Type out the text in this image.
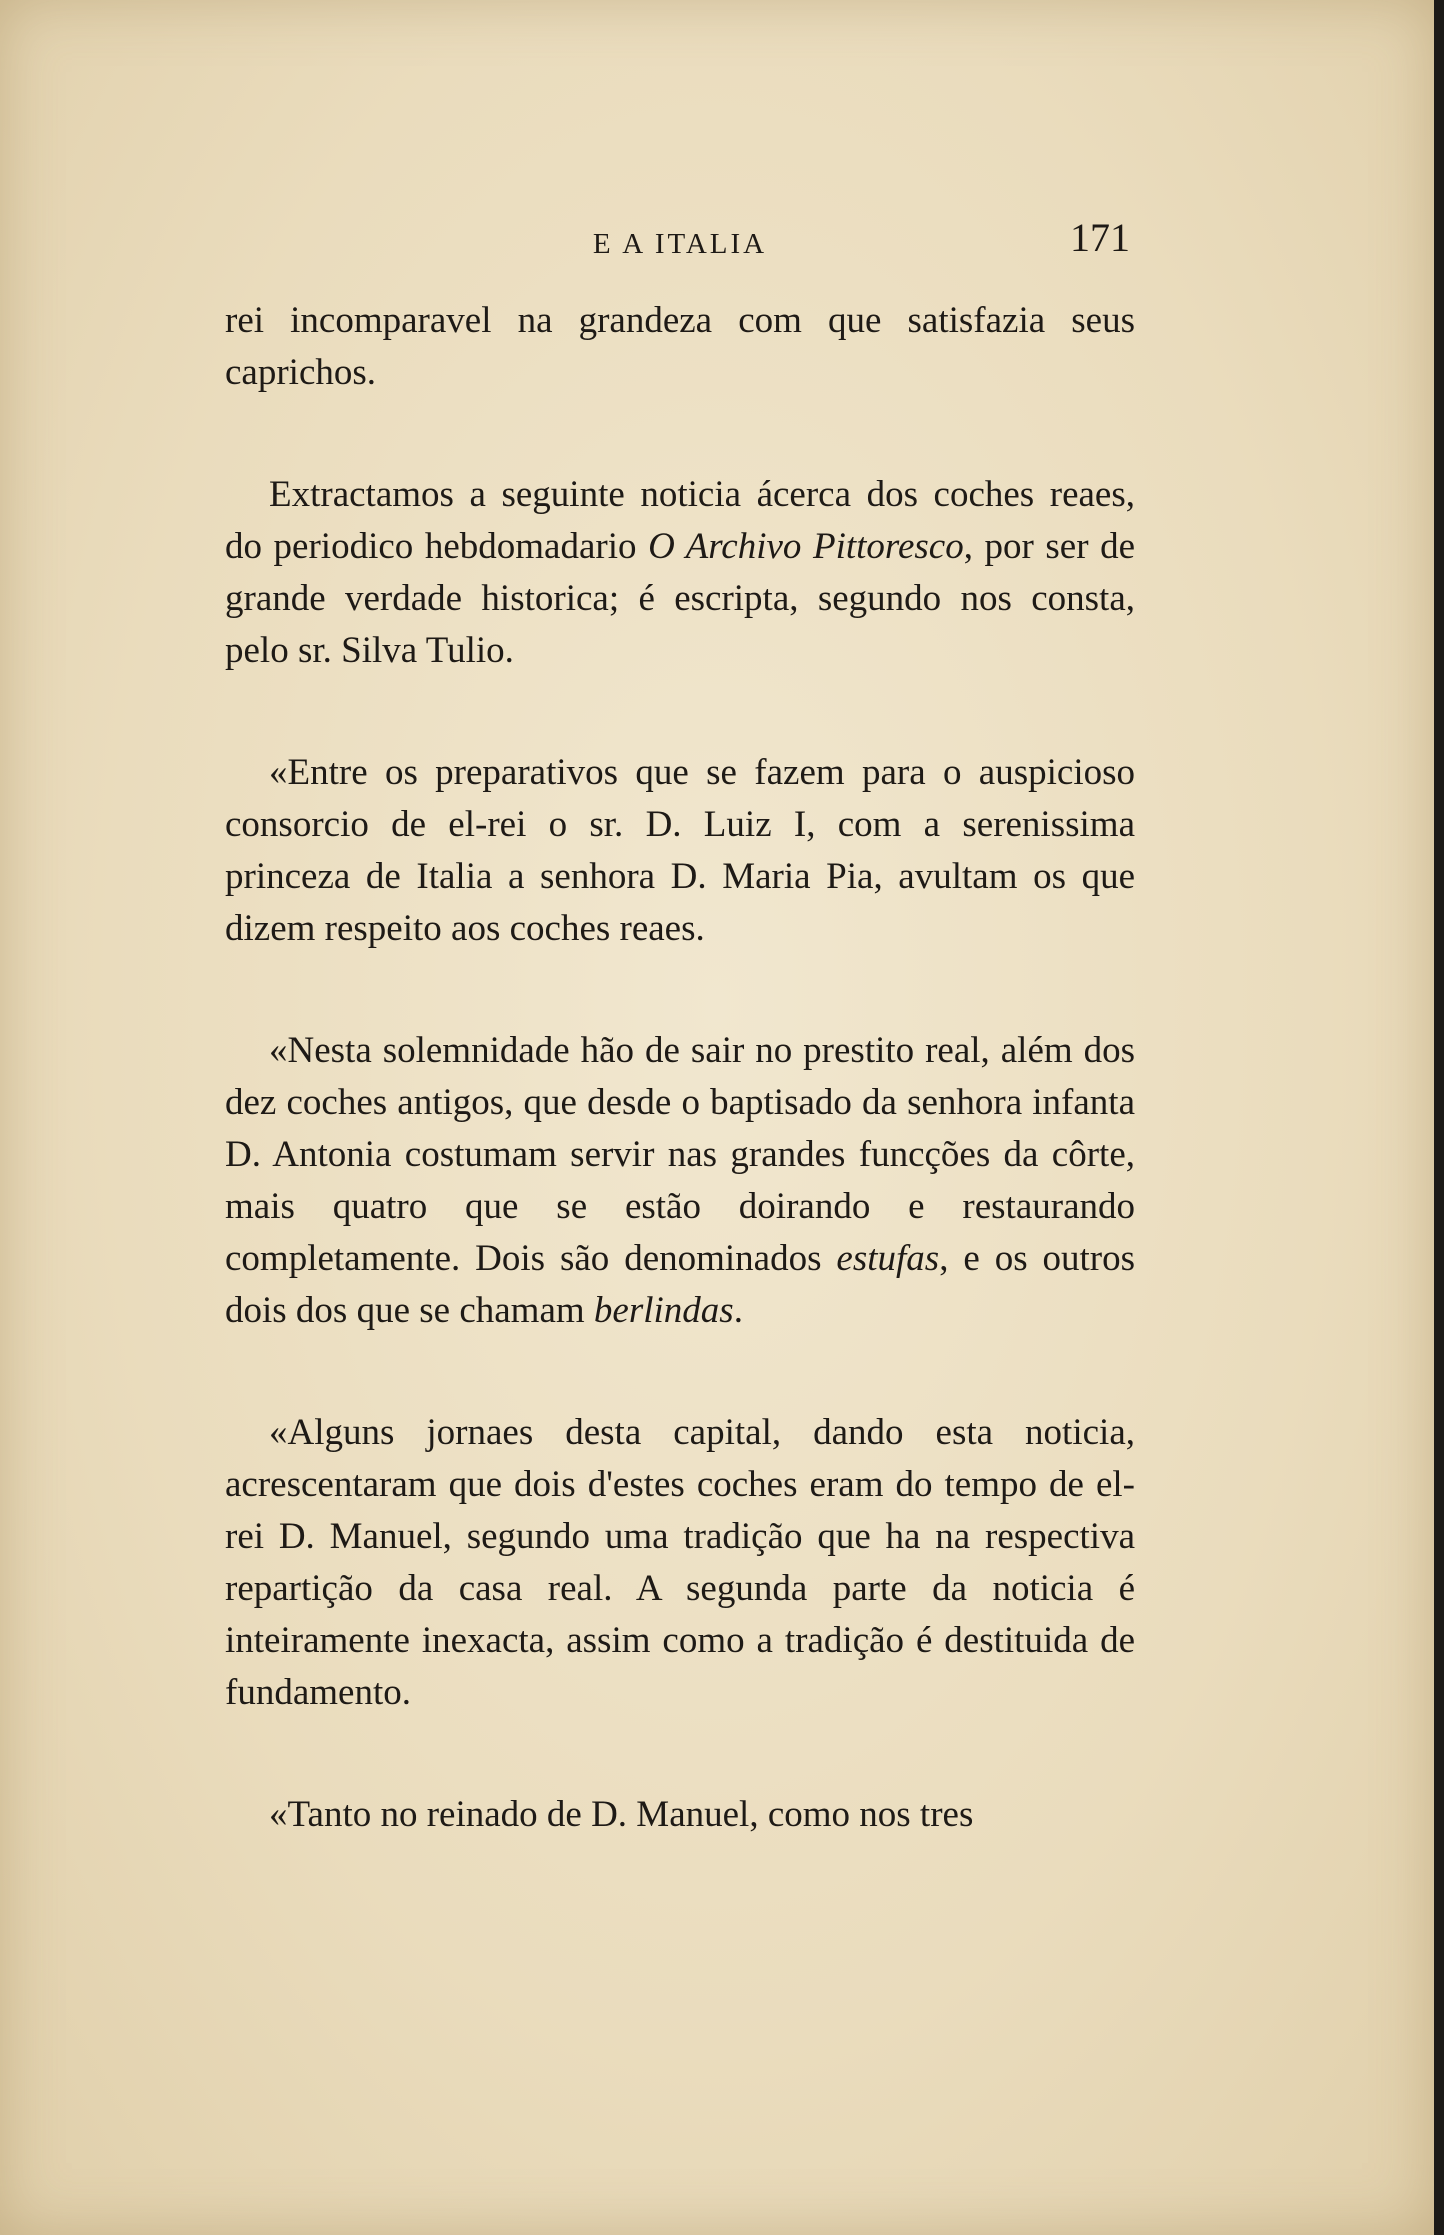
E A ITALIA	171

rei incomparavel na grandeza com que satisfazia seus caprichos.

Extractamos a seguinte noticia ácerca dos coches reaes, do periodico hebdomadario O Archivo Pittoresco, por ser de grande verdade historica; é escripta, segundo nos consta, pelo sr. Silva Tulio.

«Entre os preparativos que se fazem para o auspicioso consorcio de el-rei o sr. D. Luiz I, com a serenissima princeza de Italia a senhora D. Maria Pia, avultam os que dizem respeito aos coches reaes.

«Nesta solemnidade hão de sair no prestito real, além dos dez coches antigos, que desde o baptisado da senhora infanta D. Antonia costumam servir nas grandes funcções da côrte, mais quatro que se estão doirando e restaurando completamente. Dois são denominados estufas, e os outros dois dos que se chamam berlindas.

«Alguns jornaes desta capital, dando esta noticia, acrescentaram que dois d'estes coches eram do tempo de el-rei D. Manuel, segundo uma tradição que ha na respectiva repartição da casa real. A segunda parte da noticia é inteiramente inexacta, assim como a tradição é destituida de fundamento.

«Tanto no reinado de D. Manuel, como nos tres
